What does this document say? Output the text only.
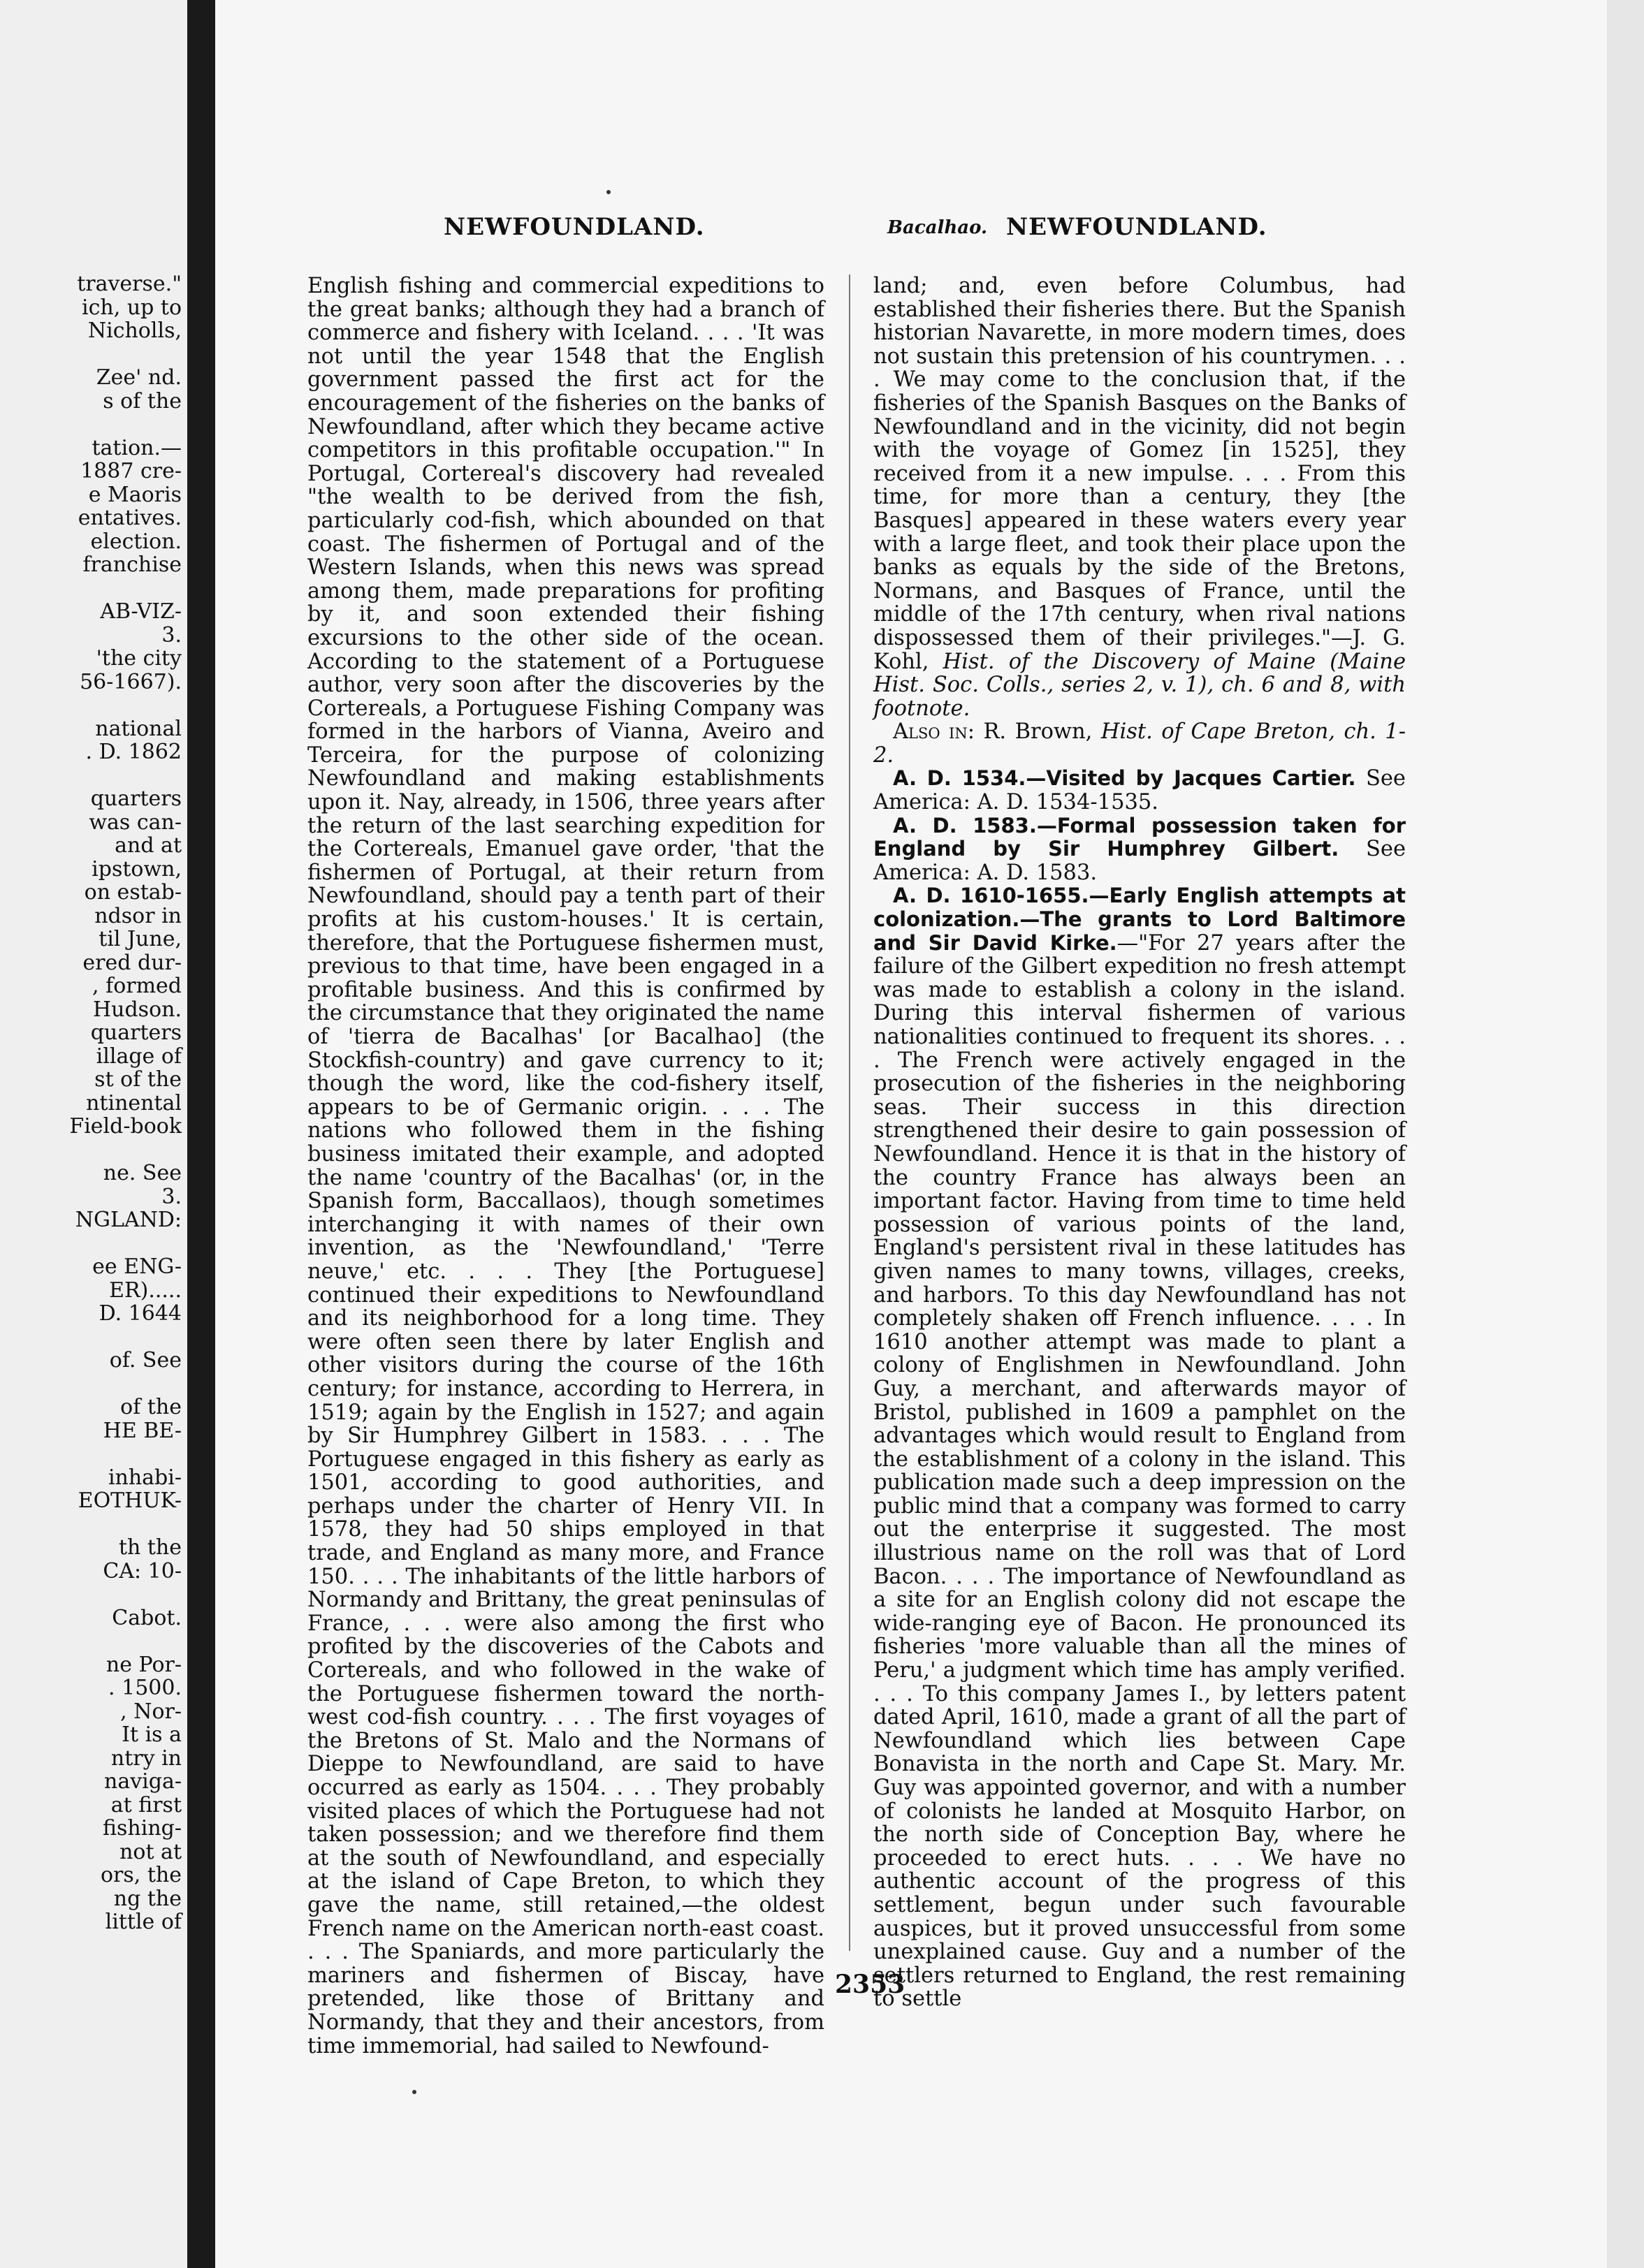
traverse."
ich, up to
Nicholls,
Zee' nd.
s of the
tation.—
1887 cre-
e Maoris
entatives.
election.
franchise
AB-VIZ-
3.
'the city
56-1667).
national
. D. 1862
quarters
was can-
and at
ipstown,
on estab-
ndsor in
til June,
ered dur-
, formed
Hudson.
quarters
illage of
st of the
ntinental
Field-book
ne. See
3.
NGLAND:
ee ENG-
ER).....
D. 1644
of. See
of the
HE BE-
inhabi-
EOTHUK-
th the
CA: 10-
Cabot.
ne Por-
. 1500.
, Nor-
It is a
ntry in
naviga-
at first
fishing-
not at
ors, the
ng the
little of
NEWFOUNDLAND.	Bacalhao. NEWFOUNDLAND.

English fishing and commercial expeditions to the great banks; although they had a branch of commerce and fishery with Iceland. . . . 'It was not until the year 1548 that the English government passed the first act for the encouragement of the fisheries on the banks of Newfoundland, after which they became active competitors in this profitable occupation.'" In Portugal, Cortereal's discovery had revealed "the wealth to be derived from the fish, particularly cod-fish, which abounded on that coast. The fishermen of Portugal and of the Western Islands, when this news was spread among them, made preparations for profiting by it, and soon extended their fishing excursions to the other side of the ocean. According to the statement of a Portuguese author, very soon after the discoveries by the Cortereals, a Portuguese Fishing Company was formed in the harbors of Vianna, Aveiro and Terceira, for the purpose of colonizing Newfoundland and making establishments upon it. Nay, already, in 1506, three years after the return of the last searching expedition for the Cortereals, Emanuel gave order, 'that the fishermen of Portugal, at their return from Newfoundland, should pay a tenth part of their profits at his custom-houses.' It is certain, therefore, that the Portuguese fishermen must, previous to that time, have been engaged in a profitable business. And this is confirmed by the circumstance that they originated the name of 'tierra de Bacalhas' [or Bacalhao] (the Stockfish-country) and gave currency to it; though the word, like the cod-fishery itself, appears to be of Germanic origin. . . . The nations who followed them in the fishing business imitated their example, and adopted the name 'country of the Bacalhas' (or, in the Spanish form, Baccallaos), though sometimes interchanging it with names of their own invention, as the 'Newfoundland,' 'Terre neuve,' etc. . . . They [the Portuguese] continued their expeditions to Newfoundland and its neighborhood for a long time. They were often seen there by later English and other visitors during the course of the 16th century; for instance, according to Herrera, in 1519; again by the English in 1527; and again by Sir Humphrey Gilbert in 1583. . . . The Portuguese engaged in this fishery as early as 1501, according to good authorities, and perhaps under the charter of Henry VII. In 1578, they had 50 ships employed in that trade, and England as many more, and France 150. . . . The inhabitants of the little harbors of Normandy and Brittany, the great peninsulas of France, . . . were also among the first who profited by the discoveries of the Cabots and Cortereals, and who followed in the wake of the Portuguese fishermen toward the north-west cod-fish country. . . . The first voyages of the Bretons of St. Malo and the Normans of Dieppe to Newfoundland, are said to have occurred as early as 1504. . . . They probably visited places of which the Portuguese had not taken possession; and we therefore find them at the south of Newfoundland, and especially at the island of Cape Breton, to which they gave the name, still retained,—the oldest French name on the American north-east coast. . . . The Spaniards, and more particularly the mariners and fishermen of Biscay, have pretended, like those of Brittany and Normandy, that they and their ancestors, from time immemorial, had sailed to Newfound-

land; and, even before Columbus, had established their fisheries there. But the Spanish historian Navarette, in more modern times, does not sustain this pretension of his countrymen. . . . We may come to the conclusion that, if the fisheries of the Spanish Basques on the Banks of Newfoundland and in the vicinity, did not begin with the voyage of Gomez [in 1525], they received from it a new impulse. . . . From this time, for more than a century, they [the Basques] appeared in these waters every year with a large fleet, and took their place upon the banks as equals by the side of the Bretons, Normans, and Basques of France, until the middle of the 17th century, when rival nations dispossessed them of their privileges."—J. G. Kohl, Hist. of the Discovery of Maine (Maine Hist. Soc. Colls., series 2, v. 1), ch. 6 and 8, with footnote.

Also in: R. Brown, Hist. of Cape Breton, ch. 1-2.

A. D. 1534.—Visited by Jacques Cartier. See America: A. D. 1534-1535.

A. D. 1583.—Formal possession taken for England by Sir Humphrey Gilbert. See America: A. D. 1583.

A. D. 1610-1655.—Early English attempts at colonization.—The grants to Lord Baltimore and Sir David Kirke.—"For 27 years after the failure of the Gilbert expedition no fresh attempt was made to establish a colony in the island. During this interval fishermen of various nationalities continued to frequent its shores. . . . The French were actively engaged in the prosecution of the fisheries in the neighboring seas. Their success in this direction strengthened their desire to gain possession of Newfoundland. Hence it is that in the history of the country France has always been an important factor. Having from time to time held possession of various points of the land, England's persistent rival in these latitudes has given names to many towns, villages, creeks, and harbors. To this day Newfoundland has not completely shaken off French influence. . . . In 1610 another attempt was made to plant a colony of Englishmen in Newfoundland. John Guy, a merchant, and afterwards mayor of Bristol, published in 1609 a pamphlet on the advantages which would result to England from the establishment of a colony in the island. This publication made such a deep impression on the public mind that a company was formed to carry out the enterprise it suggested. The most illustrious name on the roll was that of Lord Bacon. . . . The importance of Newfoundland as a site for an English colony did not escape the wide-ranging eye of Bacon. He pronounced its fisheries 'more valuable than all the mines of Peru,' a judgment which time has amply verified. . . . To this company James I., by letters patent dated April, 1610, made a grant of all the part of Newfoundland which lies between Cape Bonavista in the north and Cape St. Mary. Mr. Guy was appointed governor, and with a number of colonists he landed at Mosquito Harbor, on the north side of Conception Bay, where he proceeded to erect huts. . . . We have no authentic account of the progress of this settlement, begun under such favourable auspices, but it proved unsuccessful from some unexplained cause. Guy and a number of the settlers returned to England, the rest remaining to settle

2353
